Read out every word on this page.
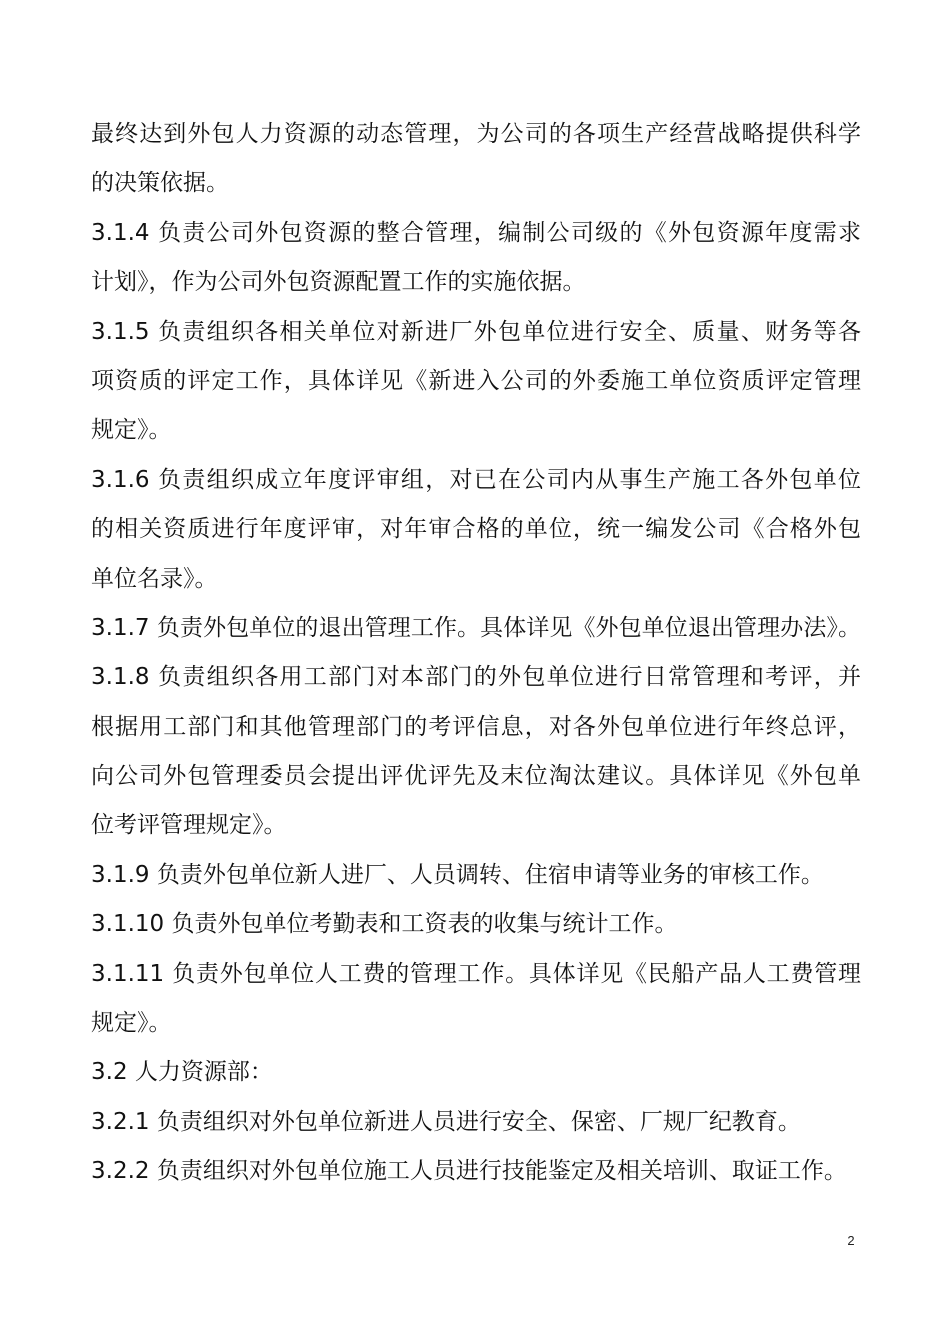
最终达到外包人力资源的动态管理，为公司的各项生产经营战略提供科学
的决策依据。
3.1.4 负责公司外包资源的整合管理，编制公司级的《外包资源年度需求
计划》，作为公司外包资源配置工作的实施依据。
3.1.5 负责组织各相关单位对新进厂外包单位进行安全、质量、财务等各
项资质的评定工作，具体详见《新进入公司的外委施工单位资质评定管理
规定》。
3.1.6 负责组织成立年度评审组，对已在公司内从事生产施工各外包单位
的相关资质进行年度评审，对年审合格的单位，统一编发公司《合格外包
单位名录》。
3.1.7 负责外包单位的退出管理工作。具体详见《外包单位退出管理办法》。
3.1.8 负责组织各用工部门对本部门的外包单位进行日常管理和考评，并
根据用工部门和其他管理部门的考评信息，对各外包单位进行年终总评，
向公司外包管理委员会提出评优评先及末位淘汰建议。具体详见《外包单
位考评管理规定》。
3.1.9 负责外包单位新人进厂、人员调转、住宿申请等业务的审核工作。
3.1.10 负责外包单位考勤表和工资表的收集与统计工作。
3.1.11 负责外包单位人工费的管理工作。具体详见《民船产品人工费管理
规定》。
3.2 人力资源部：
3.2.1 负责组织对外包单位新进人员进行安全、保密、厂规厂纪教育。
3.2.2 负责组织对外包单位施工人员进行技能鉴定及相关培训、取证工作。
2
